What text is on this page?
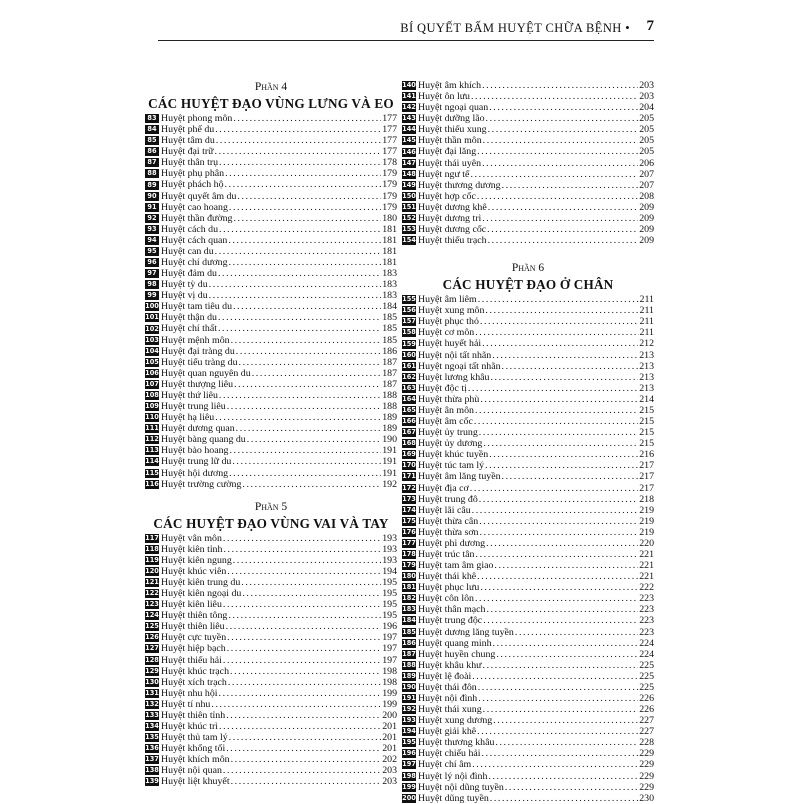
BÍ QUYẾT BẤM HUYỆT CHỮA BỆNH • 7
Phần 4
CÁC HUYỆT ĐẠO VÙNG LƯNG VÀ EO
83 Huyệt phong môn .....	177
84 Huyệt phế du .....	177
85 Huyệt tâm du .....	177
86 Huyệt đại trữ .....	177
87 Huyệt thân trụ .....	178
88 Huyệt phụ phân .....	179
89 Huyệt phách hộ .....	179
90 Huyệt quyết âm du .....	179
91 Huyệt cao hoang .....	179
92 Huyệt thần đường .....	180
93 Huyệt cách du .....	181
94 Huyệt cách quan .....	181
95 Huyệt can du .....	181
96 Huyệt chí dương .....	181
97 Huyệt đảm du .....	183
98 Huyệt tỳ du .....	183
99 Huyệt vị du .....	183
100 Huyệt tam tiêu du .....	184
101 Huyệt thận du .....	185
102 Huyệt chí thất .....	185
103 Huyệt mệnh môn .....	185
104 Huyệt đại tràng du .....	186
105 Huyệt tiểu tràng du .....	187
106 Huyệt quan nguyên du .....	187
107 Huyệt thượng liêu .....	187
108 Huyệt thứ liêu .....	188
109 Huyệt trung liêu .....	188
110 Huyệt hạ liêu .....	189
111 Huyệt dương quan .....	189
112 Huyệt bàng quang du .....	190
113 Huyệt bào hoang .....	191
114 Huyệt trung lữ du .....	191
115 Huyệt hội dương .....	191
116 Huyệt trường cường .....	192
Phần 5
CÁC HUYỆT ĐẠO VÙNG VAI VÀ TAY
117 Huyệt vân môn .....	193
118 Huyệt kiên tỉnh .....	193
119 Huyệt kiên ngung .....	193
120 Huyệt khúc viên .....	194
121 Huyệt kiên trung du .....	195
122 Huyệt kiên ngoại du .....	195
123 Huyệt kiên liêu .....	195
124 Huyệt thiên tông .....	195
125 Huyệt thiên liêu .....	196
126 Huyệt cực tuyền .....	197
127 Huyệt hiệp bạch .....	197
128 Huyệt thiếu hải .....	197
129 Huyệt khúc trạch .....	198
130 Huyệt xích trạch .....	198
131 Huyệt nhu hội .....	199
132 Huyệt tí nhu .....	199
133 Huyệt thiên tỉnh .....	200
134 Huyệt khúc trì .....	201
135 Huyệt thủ tam lý .....	201
136 Huyệt khổng tối .....	201
137 Huyệt khích môn .....	202
138 Huyệt nội quan .....	203
139 Huyệt liệt khuyết .....	203
140 Huyệt âm khích .....	203
141 Huyệt ôn lưu .....	203
142 Huyệt ngoại quan .....	204
143 Huyệt dưỡng lão .....	205
144 Huyệt thiếu xung .....	205
145 Huyệt thần môn .....	205
146 Huyệt đại lăng .....	205
147 Huyệt thái uyên .....	206
148 Huyệt ngư tế .....	207
149 Huyệt thương dương .....	207
150 Huyệt hợp cốc .....	208
151 Huyệt dương khê .....	209
152 Huyệt dương trì .....	209
153 Huyệt dương cốc .....	209
154 Huyệt thiếu trạch .....	209
Phần 6
CÁC HUYỆT ĐẠO Ở CHÂN
155 Huyệt âm liêm .....	211
156 Huyệt xung môn .....	211
157 Huyệt phục thỏ .....	211
158 Huyệt cơ môn .....	211
159 Huyệt huyết hải .....	212
160 Huyệt nội tất nhãn .....	213
161 Huyệt ngoại tất nhãn .....	213
162 Huyệt lương khâu .....	213
163 Huyệt độc tị .....	213
164 Huyệt thừa phù .....	214
165 Huyệt ân môn .....	215
166 Huyệt âm cốc .....	215
167 Huyệt ủy trung .....	215
168 Huyệt ủy dương .....	215
169 Huyệt khúc tuyền .....	216
170 Huyệt túc tam lý .....	217
171 Huyệt âm lăng tuyền .....	217
172 Huyệt địa cơ .....	217
173 Huyệt trung đô .....	218
174 Huyệt lãi câu .....	219
175 Huyệt thừa cân .....	219
176 Huyệt thừa sơn .....	219
177 Huyệt phi dương .....	220
178 Huyệt trúc tân .....	221
179 Huyệt tam âm giao .....	221
180 Huyệt thái khê .....	221
181 Huyệt phục lưu .....	222
182 Huyệt côn lôn .....	223
183 Huyệt thân mạch .....	223
184 Huyệt trung độc .....	223
185 Huyệt dương lăng tuyền .....	223
186 Huyệt quang minh .....	224
187 Huyệt huyền chung .....	224
188 Huyệt khâu khư .....	225
189 Huyệt lệ đoài .....	225
190 Huyệt thái đôn .....	225
191 Huyệt nội đình .....	226
192 Huyệt thái xung .....	226
193 Huyệt xung dương .....	227
194 Huyệt giải khê .....	227
195 Huyệt thương khâu .....	228
196 Huyệt chiếu hải .....	229
197 Huyệt chí âm .....	229
198 Huyệt lý nội đình .....	229
199 Huyệt nội dũng tuyền .....	229
200 Huyệt dũng tuyền .....	230
